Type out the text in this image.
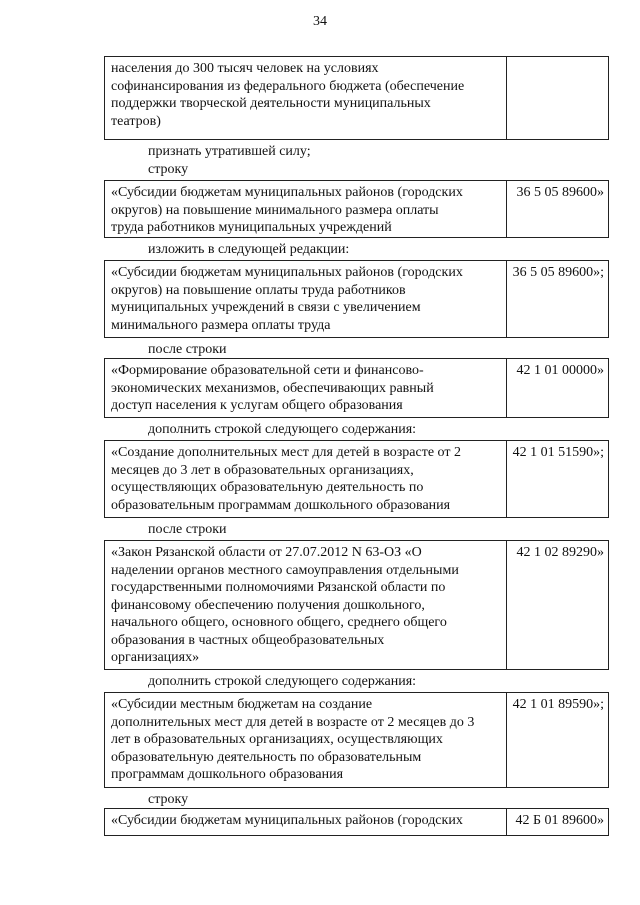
34
населения до 300 тысяч человек на условиях
софинансирования из федерального бюджета (обеспечение
поддержки творческой деятельности муниципальных
театров)
признать утратившей силу;
строку
«Субсидии бюджетам муниципальных районов (городских
округов) на повышение минимального размера оплаты
труда работников муниципальных учреждений
36 5 05 89600»
изложить в следующей редакции:
«Субсидии бюджетам муниципальных районов (городских
округов) на повышение оплаты труда работников
муниципальных учреждений в связи с увеличением
минимального размера оплаты труда
36 5 05 89600»;
после строки
«Формирование образовательной сети и финансово-
экономических механизмов, обеспечивающих равный
доступ населения к услугам общего образования
42 1 01 00000»
дополнить строкой следующего содержания:
«Создание дополнительных мест для детей в возрасте от 2
месяцев до 3 лет в образовательных организациях,
осуществляющих образовательную деятельность по
образовательным программам дошкольного образования
42 1 01 51590»;
после строки
«Закон Рязанской области от 27.07.2012 N 63-ОЗ «О
наделении органов местного самоуправления отдельными
государственными полномочиями Рязанской области по
финансовому обеспечению получения дошкольного,
начального общего, основного общего, среднего общего
образования в частных общеобразовательных
организациях»
42 1 02 89290»
дополнить строкой следующего содержания:
«Субсидии местным бюджетам на создание
дополнительных мест для детей в возрасте от 2 месяцев до 3
лет в образовательных организациях, осуществляющих
образовательную деятельность по образовательным
программам дошкольного образования
42 1 01 89590»;
строку
«Субсидии бюджетам муниципальных районов (городских	42 Б 01 89600»
